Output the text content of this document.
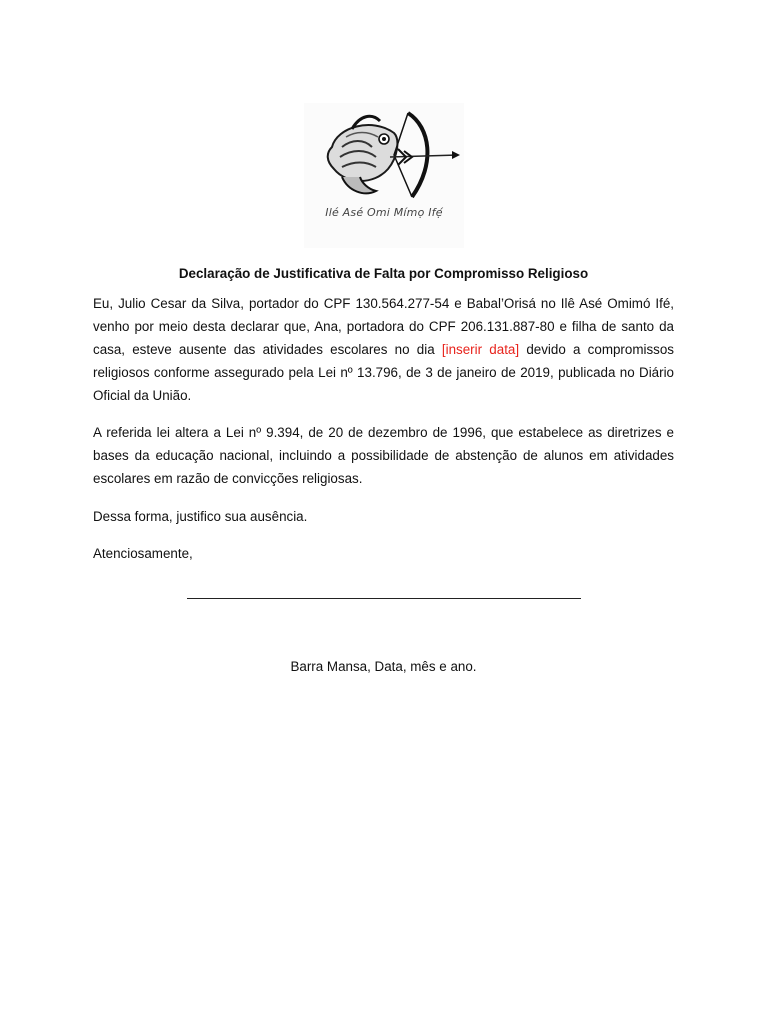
Ilé Asé Omi Mímọ Ifẹ́
Declaração de Justificativa de Falta por Compromisso Religioso
Eu, Julio Cesar da Silva, portador do CPF 130.564.277-54 e Babal’Orisá no Ilê Asé Omimó Ifé, venho por meio desta declarar que, Ana, portadora do CPF 206.131.887-80 e filha de santo da casa, esteve ausente das atividades escolares no dia [inserir data] devido a compromissos religiosos conforme assegurado pela Lei nº 13.796, de 3 de janeiro de 2019, publicada no Diário Oficial da União.
A referida lei altera a Lei nº 9.394, de 20 de dezembro de 1996, que estabelece as diretrizes e bases da educação nacional, incluindo a possibilidade de abstenção de alunos em atividades escolares em razão de convicções religiosas.
Dessa forma, justifico sua ausência.
Atenciosamente,
Barra Mansa, Data, mês e ano.
